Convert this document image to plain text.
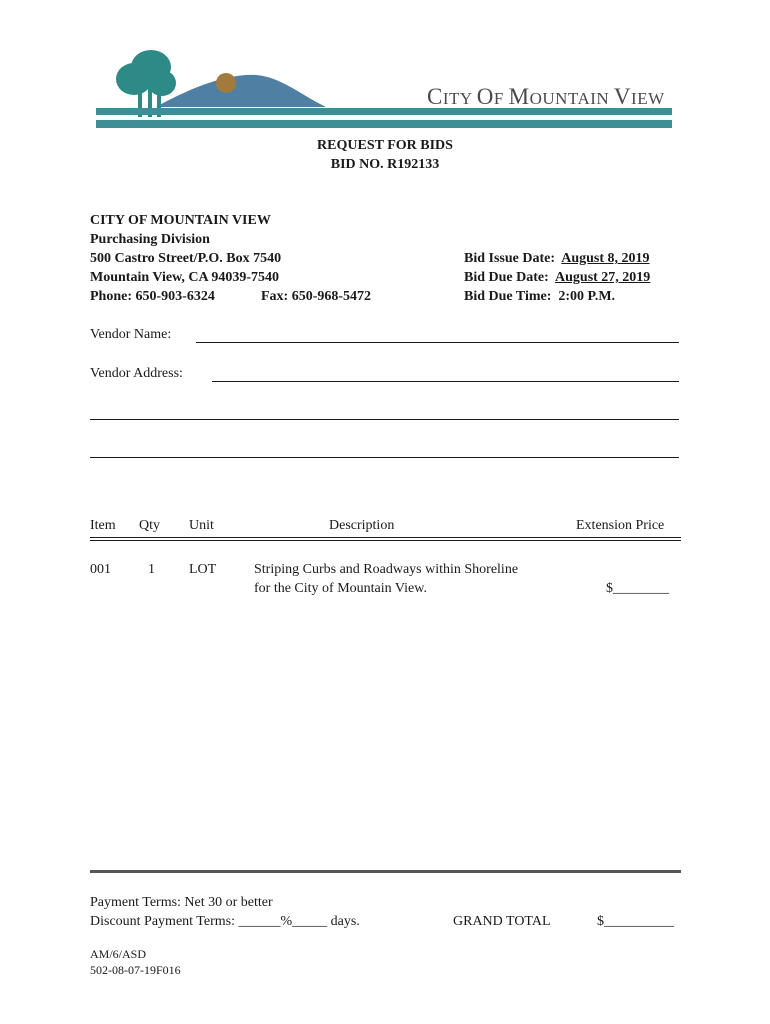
CITY OF MOUNTAIN VIEW
REQUEST FOR BIDS
BID NO. R192133
CITY OF MOUNTAIN VIEW
Purchasing Division
500 Castro Street/P.O. Box 7540
Mountain View, CA 94039-7540
Phone: 650-903-6324	Fax: 650-968-5472
Bid Issue Date: August 8, 2019
Bid Due Date: August 27, 2019
Bid Due Time: 2:00 P.M.
Vendor Name:
Vendor Address:
Item Qty Unit	Description	Extension Price
001	1 LOT	Striping Curbs and Roadways within Shoreline
for the City of Mountain View.	$________
Payment Terms: Net 30 or better
Discount Payment Terms: ______%_____ days.	GRAND TOTAL	$__________
AM/6/ASD
502-08-07-19F016
